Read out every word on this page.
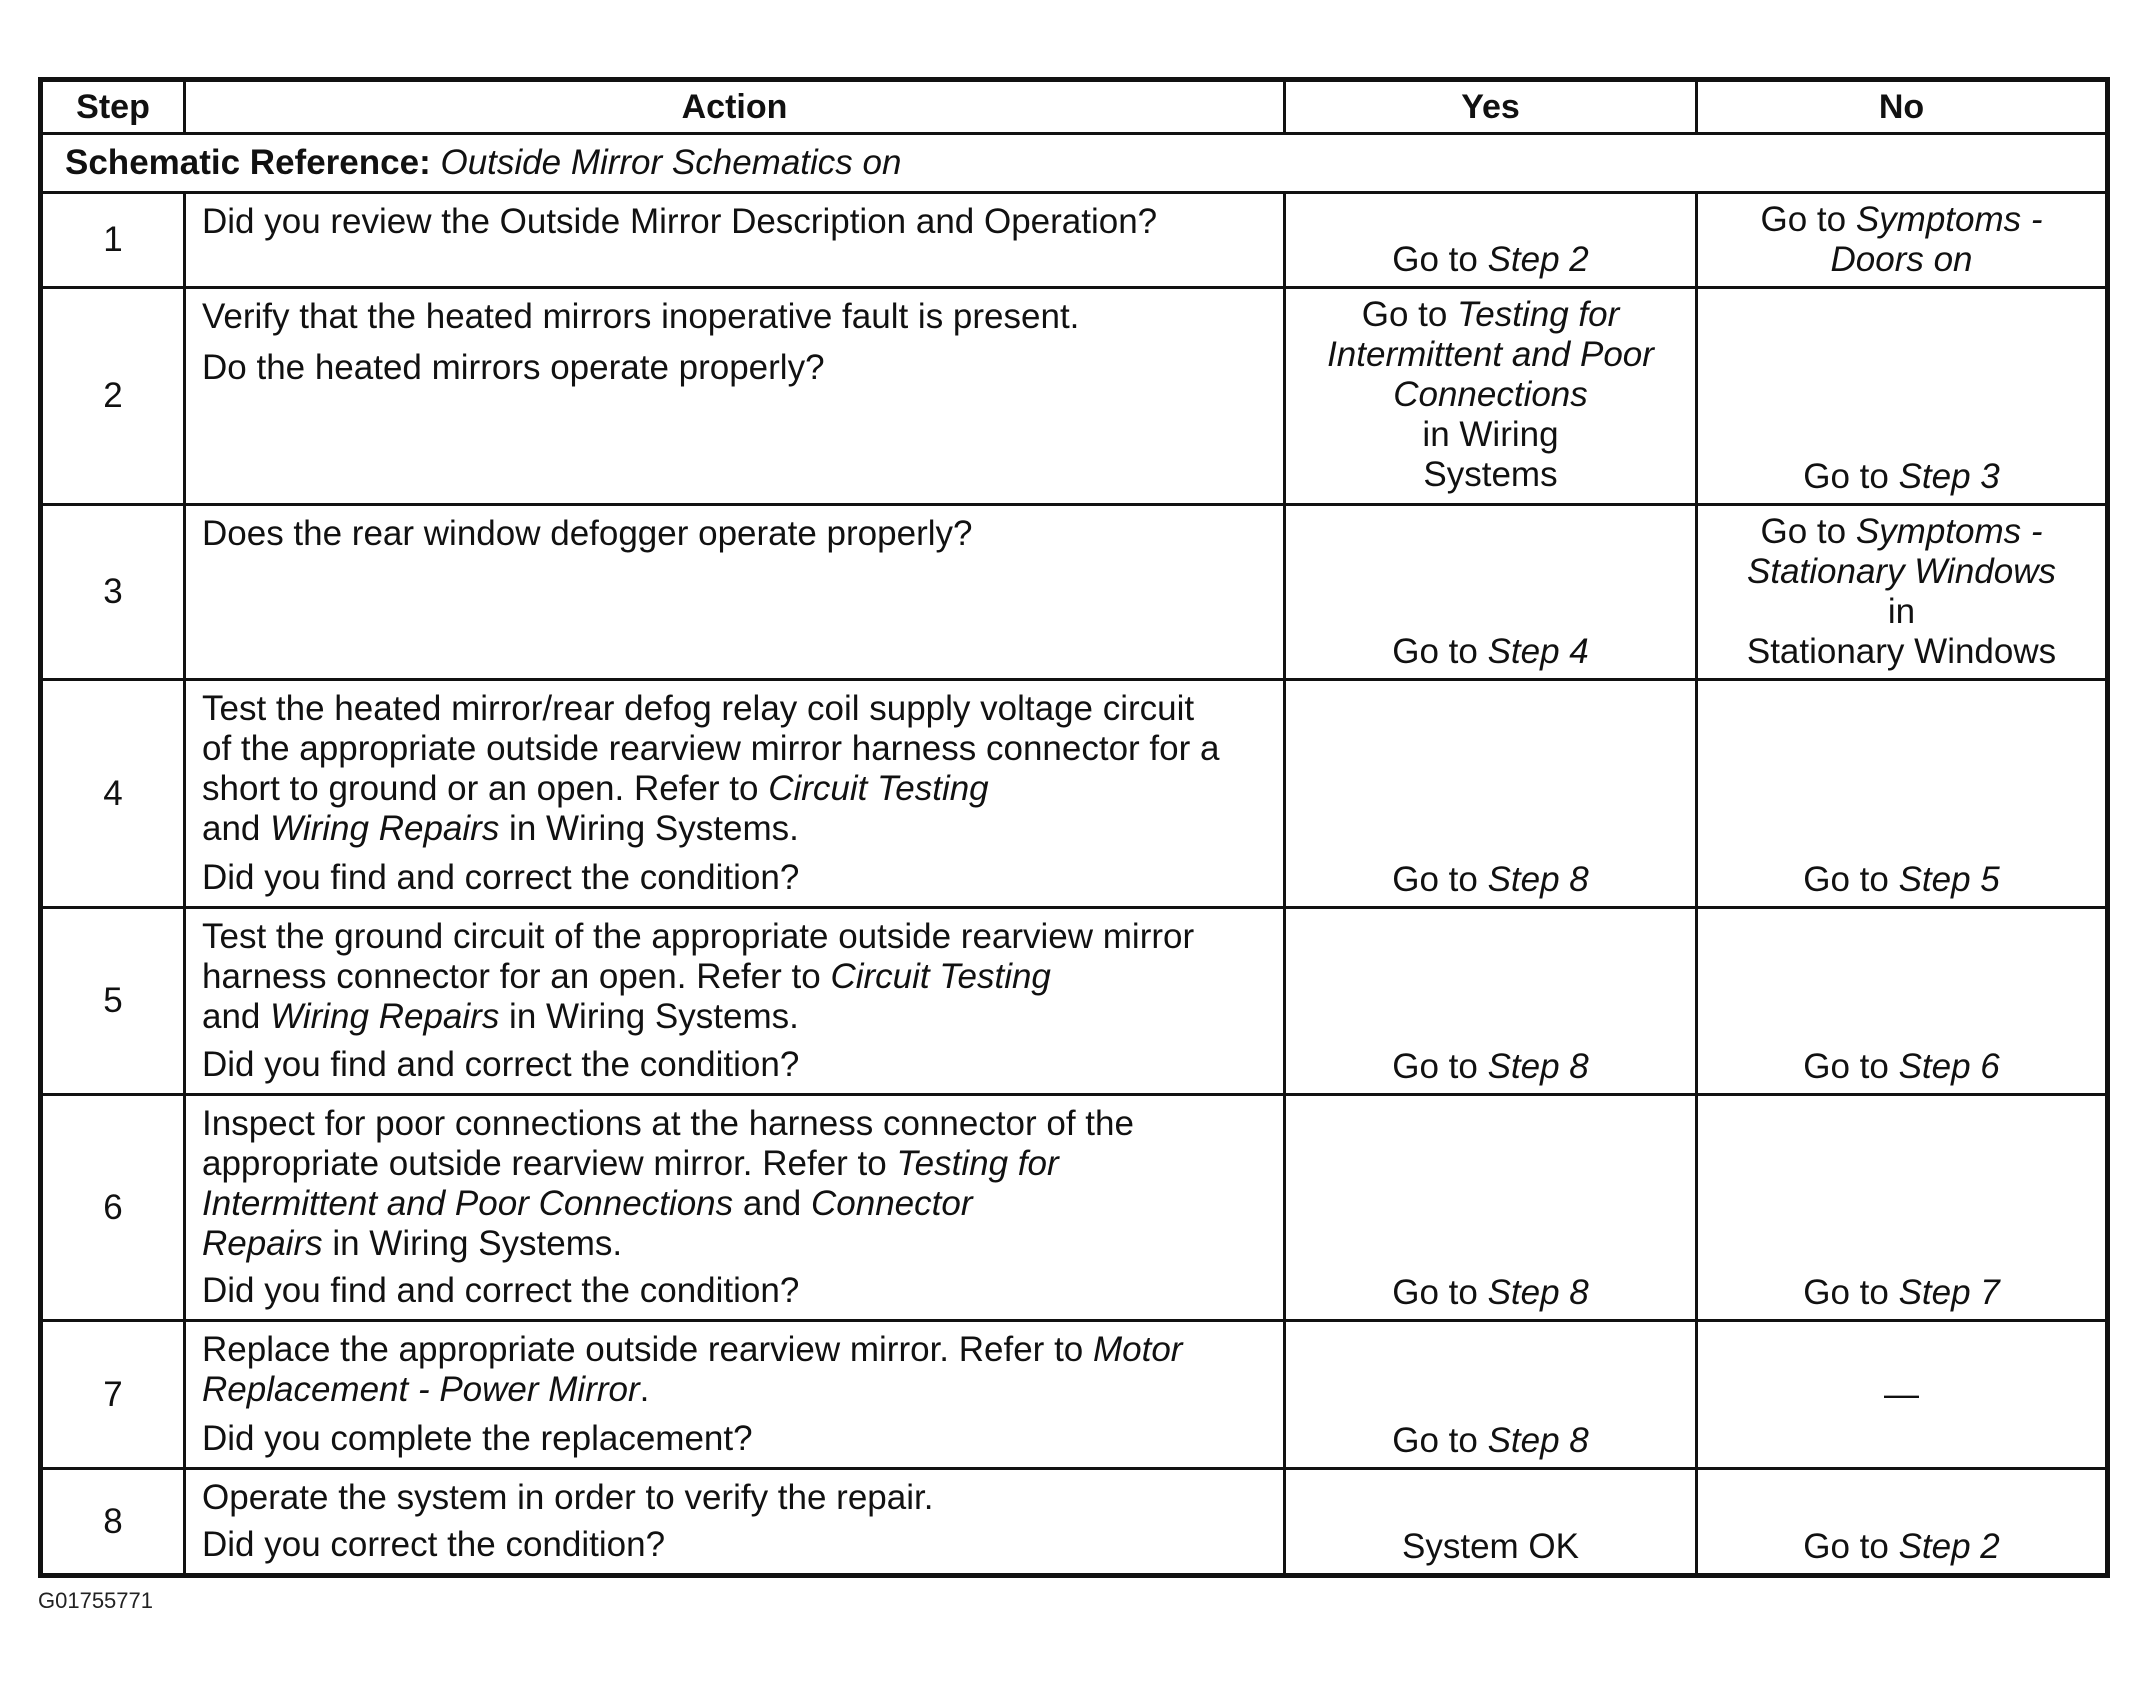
Step	Action	Yes	No
Schematic Reference: Outside Mirror Schematics on			
1	Did you review the Outside Mirror Description and Operation?	Go to Step 2	Go to Symptoms -
Doors on
2	Verify that the heated mirrors inoperative fault is present.
Do the heated mirrors operate properly?	Go to Testing for
Intermittent and Poor
Connections
in Wiring
Systems	Go to Step 3
3	Does the rear window defogger operate properly?	Go to Step 4	Go to Symptoms -
Stationary Windows
in
Stationary Windows
4	Test the heated mirror/rear defog relay coil supply voltage circuit
of the appropriate outside rearview mirror harness connector for a
short to ground or an open. Refer to Circuit Testing
and Wiring Repairs in Wiring Systems.
Did you find and correct the condition?	Go to Step 8	Go to Step 5
5	Test the ground circuit of the appropriate outside rearview mirror
harness connector for an open. Refer to Circuit Testing
and Wiring Repairs in Wiring Systems.
Did you find and correct the condition?	Go to Step 8	Go to Step 6
6	Inspect for poor connections at the harness connector of the
appropriate outside rearview mirror. Refer to Testing for
Intermittent and Poor Connections and Connector
Repairs in Wiring Systems.
Did you find and correct the condition?	Go to Step 8	Go to Step 7
7	Replace the appropriate outside rearview mirror. Refer to Motor
Replacement - Power Mirror.
Did you complete the replacement?	Go to Step 8	—
8	Operate the system in order to verify the repair.
Did you correct the condition?	System OK	Go to Step 2
G01755771
